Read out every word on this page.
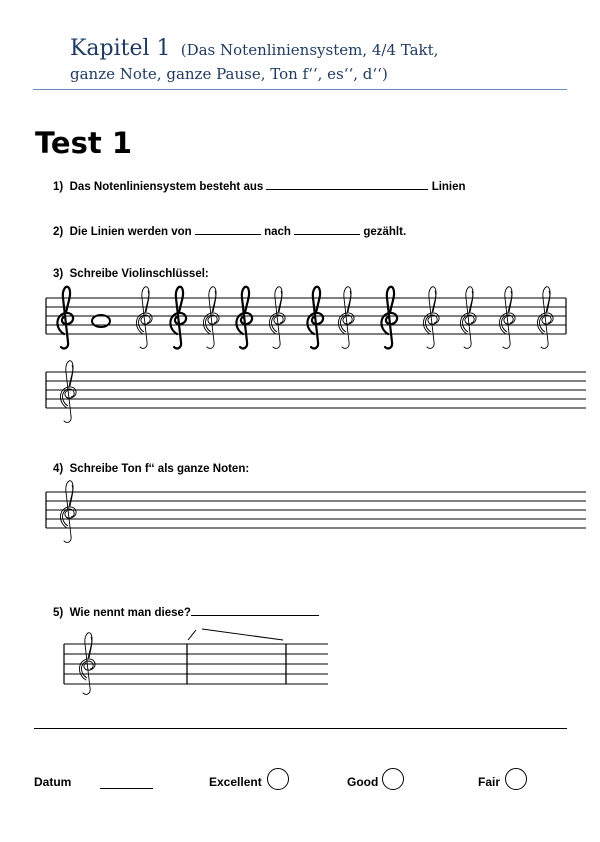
Kapitel 1 (Das Notenliniensystem, 4/4 Takt,
ganze Note, ganze Pause, Ton f‘‘, es‘‘, d‘‘)
Test 1
1) Das Notenliniensystem besteht aus	Linien
2) Die Linien werden von	nach	gezählt.
3) Schreibe Violinschlüssel:
4) Schreibe Ton f‘‘ als ganze Noten:
5) Wie nennt man diese?
Datum	Excellent	Good	Fair
